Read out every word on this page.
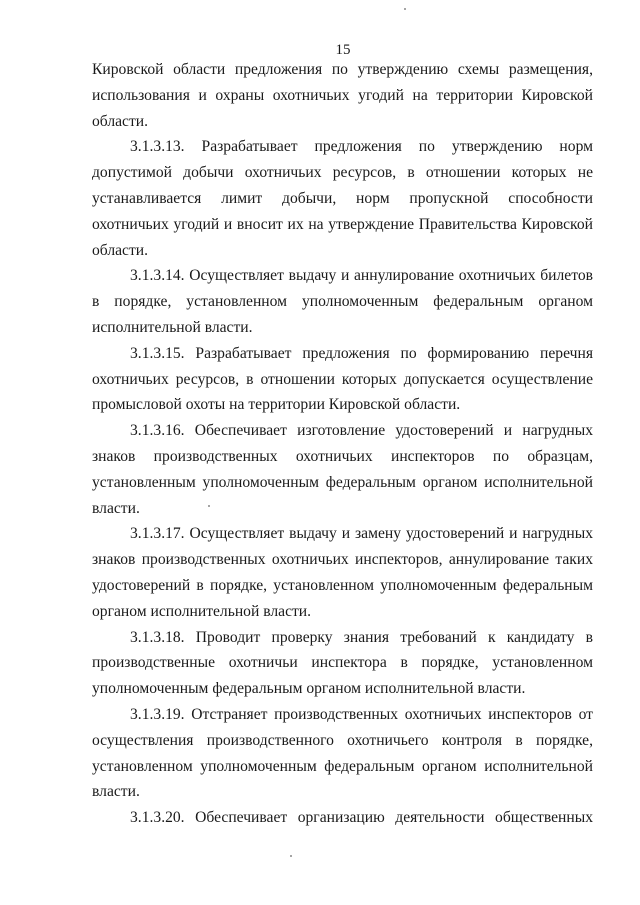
15

Кировской области предложения по утверждению схемы размещения, использования и охраны охотничьих угодий на территории Кировской области.

3.1.3.13. Разрабатывает предложения по утверждению норм допустимой добычи охотничьих ресурсов, в отношении которых не устанавливается лимит добычи, норм пропускной способности охотничьих угодий и вносит их на утверждение Правительства Кировской области.

3.1.3.14. Осуществляет выдачу и аннулирование охотничьих билетов в порядке, установленном уполномоченным федеральным органом исполнительной власти.

3.1.3.15. Разрабатывает предложения по формированию перечня охотничьих ресурсов, в отношении которых допускается осуществление промысловой охоты на территории Кировской области.

3.1.3.16. Обеспечивает изготовление удостоверений и нагрудных знаков производственных охотничьих инспекторов по образцам, установленным уполномоченным федеральным органом исполнительной власти.

3.1.3.17. Осуществляет выдачу и замену удостоверений и нагрудных знаков производственных охотничьих инспекторов, аннулирование таких удостоверений в порядке, установленном уполномоченным федеральным органом исполнительной власти.

3.1.3.18. Проводит проверку знания требований к кандидату в производственные охотничьи инспектора в порядке, установленном уполномоченным федеральным органом исполнительной власти.

3.1.3.19. Отстраняет производственных охотничьих инспекторов от осуществления производственного охотничьего контроля в порядке, установленном уполномоченным федеральным органом исполнительной власти.

3.1.3.20. Обеспечивает организацию деятельности общественных
